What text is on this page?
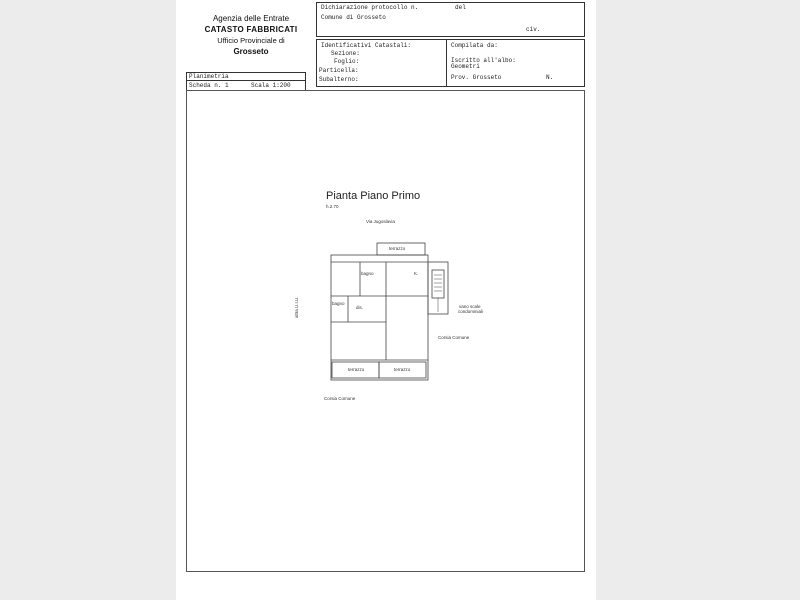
Agenzia delle Entrate
CATASTO FABBRICATI
Ufficio Provinciale di
Grosseto
Dichiarazione protocollo n.	del
Comune di Grosseto
civ.
Identificativi Catastali:
Sezione:
Foglio:
Particella:
Subalterno:
Compilata da:
Iscritto all'albo:
Geometri
Prov. Grosseto	N.
Planimetria
Scheda n. 1	Scala 1:200
Pianta Piano Primo
h.2.70
Via Jugoslavia
terrazzo
bagno	K.
bagno
dis.	vano scale
condominiali
Corsia Comune
terrazzo	terrazzo
altra U.I.U.
Corsia Comune
